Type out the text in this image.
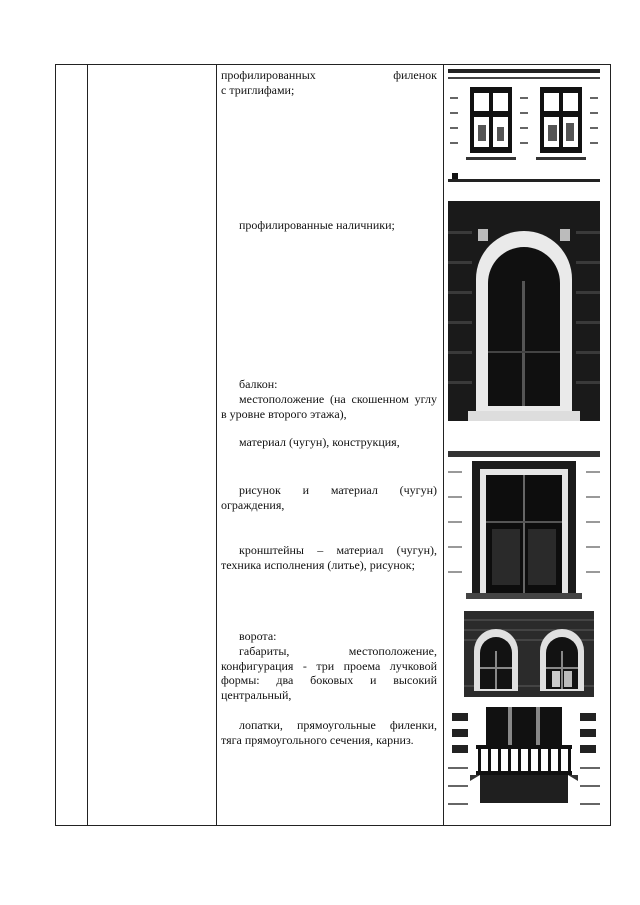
профилированных	филенок
с триглифами;
профилированные наличники;
балкон:
местоположение (на скошенном углу в уровне второго этажа),
материал (чугун), конструкция,
рисунок и материал (чугун) ограждения,
кронштейны – материал (чугун), техника исполнения (литье), рисунок;
ворота:
габариты, местоположение, конфигурация - три проема лучковой формы: два боковых и высокий центральный,
лопатки, прямоугольные филенки, тяга прямоугольного сечения, карниз.
